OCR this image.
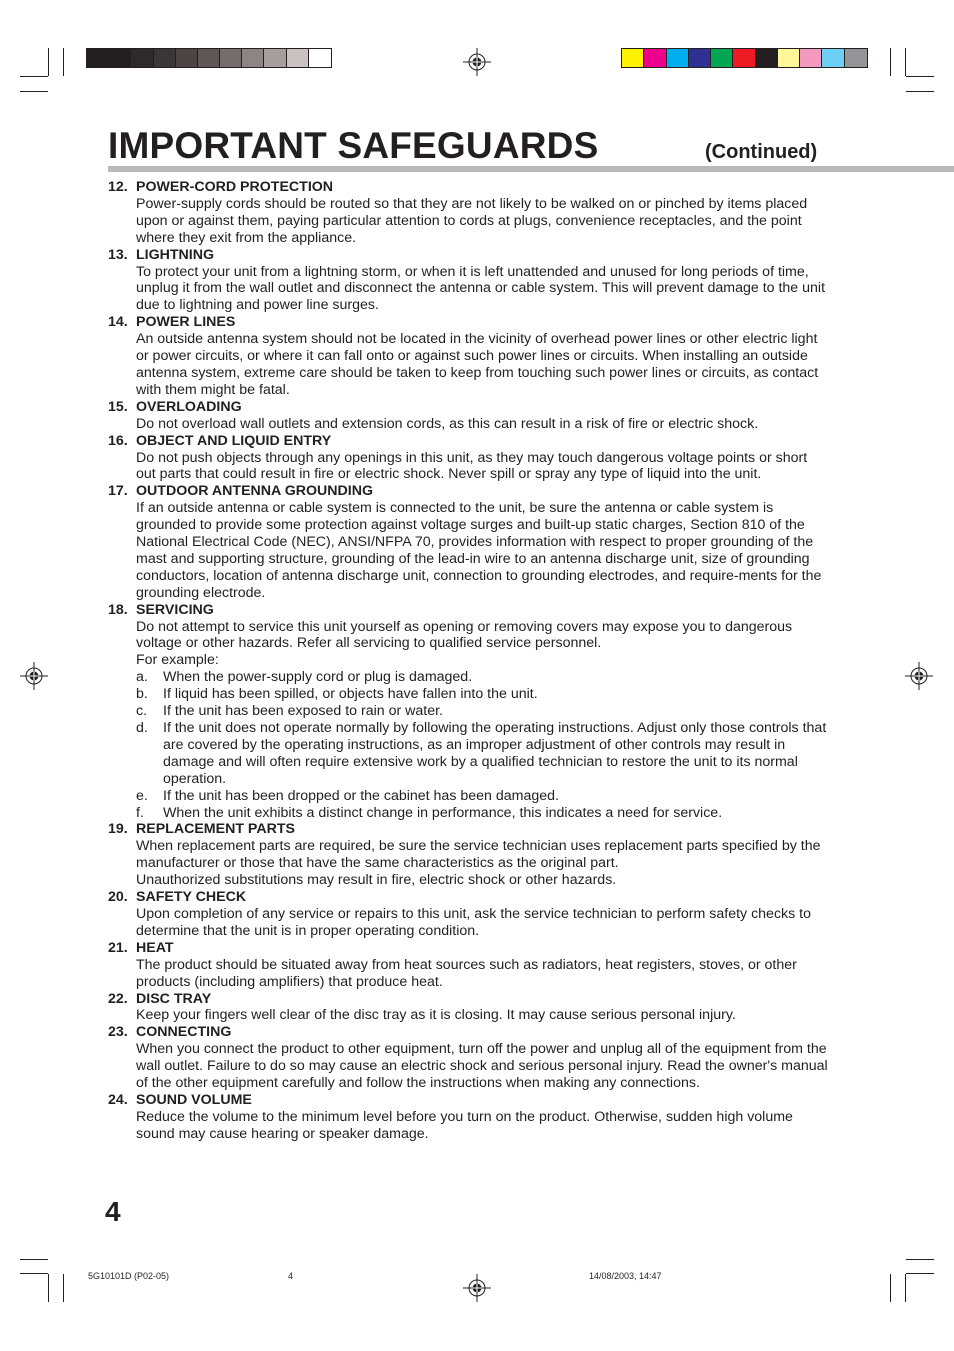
IMPORTANT SAFEGUARDS	(Continued)
12. POWER-CORD PROTECTION

Power-supply cords should be routed so that they are not likely to be walked on or pinched by items placed upon or against them, paying particular attention to cords at plugs, convenience receptacles, and the point where they exit from the appliance.

13. LIGHTNING

To protect your unit from a lightning storm, or when it is left unattended and unused for long periods of time, unplug it from the wall outlet and disconnect the antenna or cable system. This will prevent damage to the unit due to lightning and power line surges.

14. POWER LINES

An outside antenna system should not be located in the vicinity of overhead power lines or other electric light or power circuits, or where it can fall onto or against such power lines or circuits. When installing an outside antenna system, extreme care should be taken to keep from touching such power lines or circuits, as contact with them might be fatal.

15. OVERLOADING

Do not overload wall outlets and extension cords, as this can result in a risk of fire or electric shock.

16. OBJECT AND LIQUID ENTRY

Do not push objects through any openings in this unit, as they may touch dangerous voltage points or short out parts that could result in fire or electric shock. Never spill or spray any type of liquid into the unit.

17. OUTDOOR ANTENNA GROUNDING

If an outside antenna or cable system is connected to the unit, be sure the antenna or cable system is grounded to provide some protection against voltage surges and built-up static charges, Section 810 of the National Electrical Code (NEC), ANSI/NFPA 70, provides information with respect to proper grounding of the mast and supporting structure, grounding of the lead-in wire to an antenna discharge unit, size of grounding conductors, location of antenna discharge unit, connection to grounding electrodes, and require-ments for the grounding electrode.

18. SERVICING

Do not attempt to service this unit yourself as opening or removing covers may expose you to dangerous voltage or other hazards. Refer all servicing to qualified service personnel.

For example:

a.	When the power-supply cord or plug is damaged.
b.	If liquid has been spilled, or objects have fallen into the unit.
c.	If the unit has been exposed to rain or water.
d.	If the unit does not operate normally by following the operating instructions. Adjust only those controls that are covered by the operating instructions, as an improper adjustment of other controls may result in damage and will often require extensive work by a qualified technician to restore the unit to its normal operation.
e.	If the unit has been dropped or the cabinet has been damaged.
f.	When the unit exhibits a distinct change in performance, this indicates a need for service.
19. REPLACEMENT PARTS

When replacement parts are required, be sure the service technician uses replacement parts specified by the manufacturer or those that have the same characteristics as the original part.

Unauthorized substitutions may result in fire, electric shock or other hazards.

20. SAFETY CHECK

Upon completion of any service or repairs to this unit, ask the service technician to perform safety checks to determine that the unit is in proper operating condition.

21. HEAT

The product should be situated away from heat sources such as radiators, heat registers, stoves, or other products (including amplifiers) that produce heat.

22. DISC TRAY

Keep your fingers well clear of the disc tray as it is closing. It may cause serious personal injury.

23. CONNECTING

When you connect the product to other equipment, turn off the power and unplug all of the equipment from the wall outlet. Failure to do so may cause an electric shock and serious personal injury. Read the owner's manual of the other equipment carefully and follow the instructions when making any connections.

24. SOUND VOLUME

Reduce the volume to the minimum level before you turn on the product. Otherwise, sudden high volume sound may cause hearing or speaker damage.

4
5G10101D (P02-05)	4	14/08/2003, 14:47
